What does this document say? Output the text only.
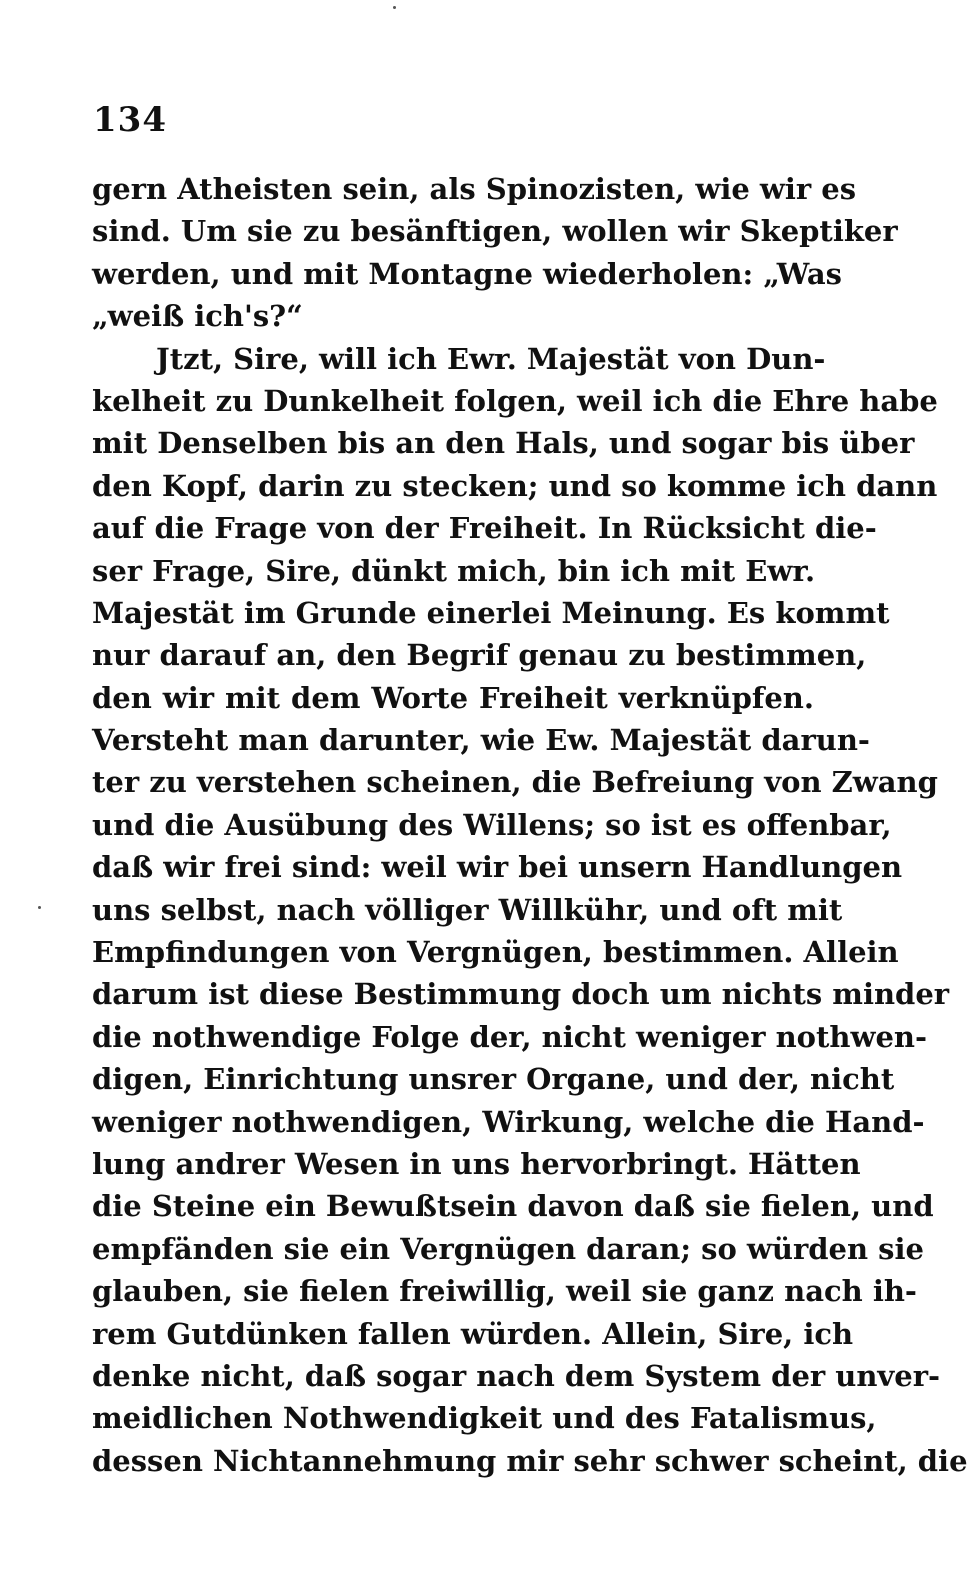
134
gern Atheisten sein, als Spinozisten, wie wir es
sind. Um sie zu besänftigen, wollen wir Skeptiker
werden, und mit Montagne wiederholen: „Was
„weiß ich's?“
Jtzt, Sire, will ich Ewr. Majestät von Dun-
kelheit zu Dunkelheit folgen, weil ich die Ehre habe
mit Denselben bis an den Hals, und sogar bis über
den Kopf, darin zu stecken; und so komme ich dann
auf die Frage von der Freiheit. In Rücksicht die-
ser Frage, Sire, dünkt mich, bin ich mit Ewr.
Majestät im Grunde einerlei Meinung. Es kommt
nur darauf an, den Begrif genau zu bestimmen,
den wir mit dem Worte Freiheit verknüpfen.
Versteht man darunter, wie Ew. Majestät darun-
ter zu verstehen scheinen, die Befreiung von Zwang
und die Ausübung des Willens; so ist es offenbar,
daß wir frei sind: weil wir bei unsern Handlungen
uns selbst, nach völliger Willkühr, und oft mit
Empfindungen von Vergnügen, bestimmen. Allein
darum ist diese Bestimmung doch um nichts minder
die nothwendige Folge der, nicht weniger nothwen-
digen, Einrichtung unsrer Organe, und der, nicht
weniger nothwendigen, Wirkung, welche die Hand-
lung andrer Wesen in uns hervorbringt. Hätten
die Steine ein Bewußtsein davon daß sie fielen, und
empfänden sie ein Vergnügen daran; so würden sie
glauben, sie fielen freiwillig, weil sie ganz nach ih-
rem Gutdünken fallen würden. Allein, Sire, ich
denke nicht, daß sogar nach dem System der unver-
meidlichen Nothwendigkeit und des Fatalismus,
dessen Nichtannehmung mir sehr schwer scheint, die
